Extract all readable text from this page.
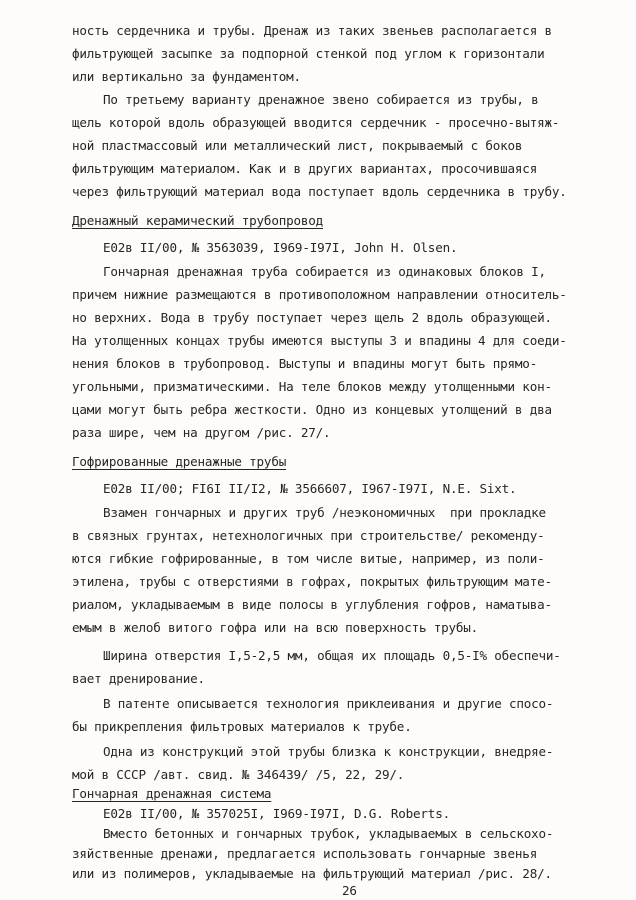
ность сердечника и трубы. Дренаж из таких звеньев располагается в
фильтрующей засыпке за подпорной стенкой под углом к горизонтали
или вертикально за фундаментом.
По третьему варианту дренажное звено собирается из трубы, в
щель которой вдоль образующей вводится сердечник - просечно-вытяж-
ной пластмассовый или металлический лист, покрываемый с боков
фильтрующим материалом. Как и в других вариантах, просочившаяся
через фильтрующий материал вода поступает вдоль сердечника в трубу.
Дренажный керамический трубопровод
Е02в II/00, № 3563039, I969-I97I, John H. Olsen.
Гончарная дренажная труба собирается из одинаковых блоков I,
причем нижние размещаются в противоположном направлении относитель-
но верхних. Вода в трубу поступает через щель 2 вдоль образующей.
На утолщенных концах трубы имеются выступы 3 и впадины 4 для соеди-
нения блоков в трубопровод. Выступы и впадины могут быть прямо-
угольными, призматическими. На теле блоков между утолщенными кон-
цами могут быть ребра жесткости. Одно из концевых утолщений в два
раза шире, чем на другом /рис. 27/.
Гофрированные дренажные трубы
Е02в II/00; FI6I II/I2, № 3566607, I967-I97I, N.E. Sixt.
Взамен гончарных и других труб /неэкономичных  при прокладке
в связных грунтах, нетехнологичных при строительстве/ рекоменду-
ются гибкие гофрированные, в том числе витые, например, из поли-
этилена, трубы с отверстиями в гофрах, покрытых фильтрующим мате-
риалом, укладываемым в виде полосы в углубления гофров, наматыва-
емым в желоб витого гофра или на всю поверхность трубы.
Ширина отверстия I,5-2,5 мм, общая их площадь 0,5-I% обеспечи-
вает дренирование.
В патенте описывается технология приклеивания и другие спосо-
бы прикрепления фильтровых материалов к трубе.
Одна из конструкций этой трубы близка к конструкции, внедряе-
мой в СССР /авт. свид. № 346439/ /5, 22, 29/.
Гончарная дренажная система
Е02в II/00, № 357025I, I969-I97I, D.G. Roberts.
Вместо бетонных и гончарных трубок, укладываемых в сельскохо-
зяйственные дренажи, предлагается использовать гончарные звенья
или из полимеров, укладываемые на фильтрующий материал /рис. 28/.
26
